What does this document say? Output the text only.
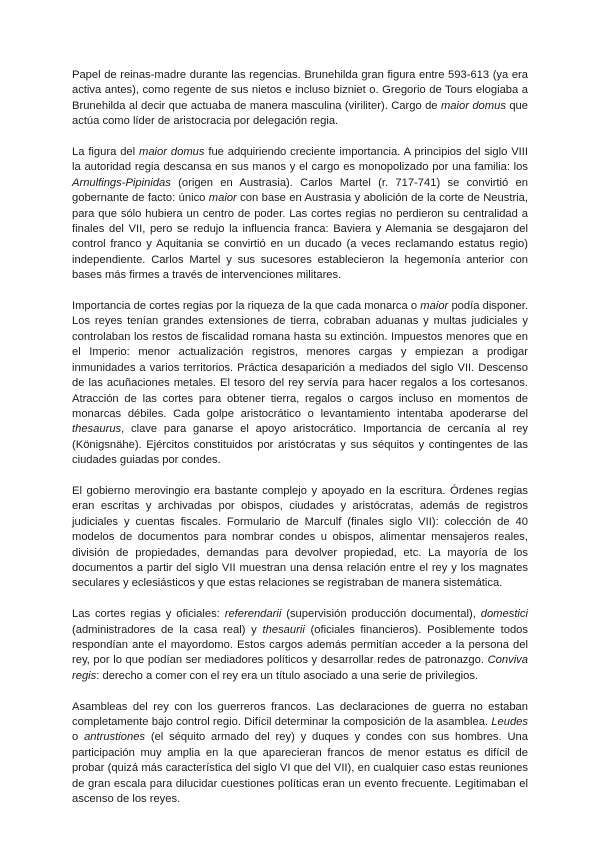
Papel de reinas-madre durante las regencias. Brunehilda gran figura entre 593-613 (ya era activa antes), como regente de sus nietos e incluso bizniet o. Gregorio de Tours elogiaba a Brunehilda al decir que actuaba de manera masculina (viriliter). Cargo de maior domus que actúa como líder de aristocracia por delegación regia.

La figura del maior domus fue adquiriendo creciente importancia. A principios del siglo VIII la autoridad regia descansa en sus manos y el cargo es monopolizado por una familia: los Arnulfings-Pipinidas (origen en Austrasia). Carlos Martel (r. 717-741) se convirtió en gobernante de facto: único maior con base en Austrasia y abolición de la corte de Neustria, para que sólo hubiera un centro de poder. Las cortes regias no perdieron su centralidad a finales del VII, pero se redujo la influencia franca: Baviera y Alemania se desgajaron del control franco y Aquitania se convirtió en un ducado (a veces reclamando estatus regio) independiente. Carlos Martel y sus sucesores establecieron la hegemonía anterior con bases más firmes a través de intervenciones militares.

Importancia de cortes regias por la riqueza de la que cada monarca o maior podía disponer. Los reyes tenían grandes extensiones de tierra, cobraban aduanas y multas judiciales y controlaban los restos de fiscalidad romana hasta su extinción. Impuestos menores que en el Imperio: menor actualización registros, menores cargas y empiezan a prodigar inmunidades a varios territorios. Práctica desaparición a mediados del siglo VII. Descenso de las acuñaciones metales. El tesoro del rey servía para hacer regalos a los cortesanos. Atracción de las cortes para obtener tierra, regalos o cargos incluso en momentos de monarcas débiles. Cada golpe aristocrático o levantamiento intentaba apoderarse del thesaurus, clave para ganarse el apoyo aristocrático. Importancia de cercanía al rey (Königsnähe). Ejércitos constituidos por aristócratas y sus séquitos y contingentes de las ciudades guiadas por condes.

El gobierno merovingio era bastante complejo y apoyado en la escritura. Órdenes regias eran escritas y archivadas por obispos, ciudades y aristócratas, además de registros judiciales y cuentas fiscales. Formulario de Marculf (finales siglo VII): colección de 40 modelos de documentos para nombrar condes u obispos, alimentar mensajeros reales, división de propiedades, demandas para devolver propiedad, etc. La mayoría de los documentos a partir del siglo VII muestran una densa relación entre el rey y los magnates seculares y eclesiásticos y que estas relaciones se registraban de manera sistemática.

Las cortes regias y oficiales: referendarii (supervisión producción documental), domestici (administradores de la casa real) y thesaurii (oficiales financieros). Posiblemente todos respondían ante el mayordomo. Estos cargos además permitían acceder a la persona del rey, por lo que podían ser mediadores políticos y desarrollar redes de patronazgo. Conviva regis: derecho a comer con el rey era un título asociado a una serie de privilegios.

Asambleas del rey con los guerreros francos. Las declaraciones de guerra no estaban completamente bajo control regio. Difícil determinar la composición de la asamblea. Leudes o antrustiones (el séquito armado del rey) y duques y condes con sus hombres. Una participación muy amplia en la que aparecieran francos de menor estatus es difícil de probar (quizá más característica del siglo VI que del VII), en cualquier caso estas reuniones de gran escala para dilucidar cuestiones políticas eran un evento frecuente. Legitimaban el ascenso de los reyes.
